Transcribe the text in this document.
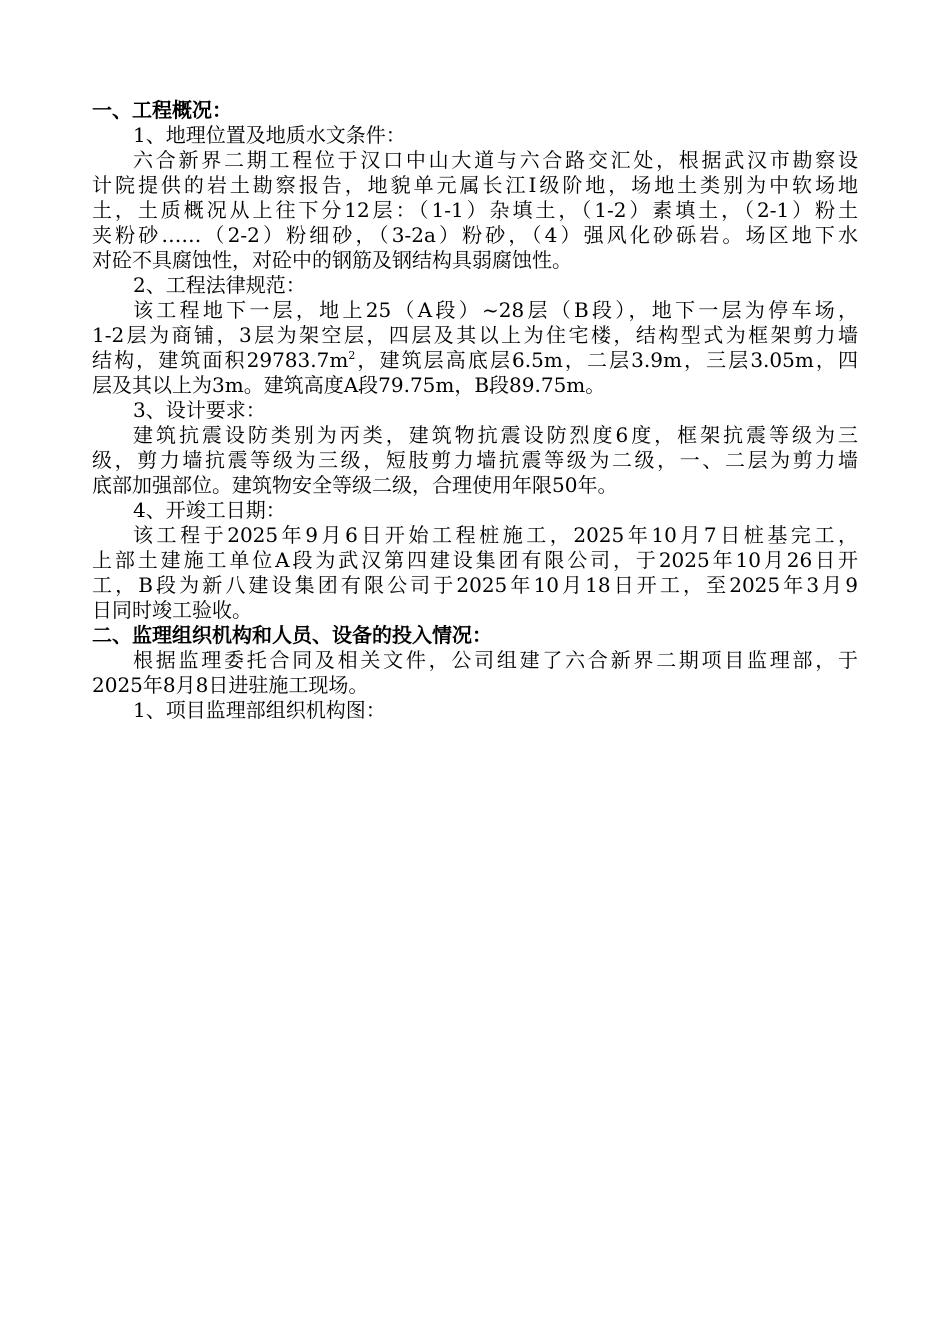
一、工程概况：
1、地理位置及地质水文条件：
六合新界二期工程位于汉口中山大道与六合路交汇处，根据武汉市勘察设
计院提供的岩土勘察报告，地貌单元属长江Ⅰ级阶地，场地土类别为中软场地
土，土质概况从上往下分12层：（1-1）杂填土，（1-2）素填土，（2-1）粉土
夹粉砂……（2-2）粉细砂，（3-2a）粉砂，（4）强风化砂砾岩。场区地下水
对砼不具腐蚀性，对砼中的钢筋及钢结构具弱腐蚀性。
2、工程法律规范：
该工程地下一层，地上25（A段）~28层（B段），地下一层为停车场，
1-2层为商铺，3层为架空层，四层及其以上为住宅楼，结构型式为框架剪力墙
结构，建筑面积$29783.7m^2$，建筑层高底层6.5m，二层3.9m，三层3.05m，四
层及其以上为3m。建筑高度A段79.75m，B段89.75m。
3、设计要求：
建筑抗震设防类别为丙类，建筑物抗震设防烈度6度，框架抗震等级为三
级，剪力墙抗震等级为三级，短肢剪力墙抗震等级为二级，一、二层为剪力墙
底部加强部位。建筑物安全等级二级，合理使用年限50年。
4、开竣工日期：
该工程于2025年9月6日开始工程桩施工，2025年10月7日桩基完工，
上部土建施工单位A段为武汉第四建设集团有限公司，于2025年10月26日开
工，B段为新八建设集团有限公司于2025年10月18日开工，至2025年3月9
日同时竣工验收。
二、监理组织机构和人员、设备的投入情况：
根据监理委托合同及相关文件，公司组建了六合新界二期项目监理部，于
2025年8月8日进驻施工现场。
1、项目监理部组织机构图：
